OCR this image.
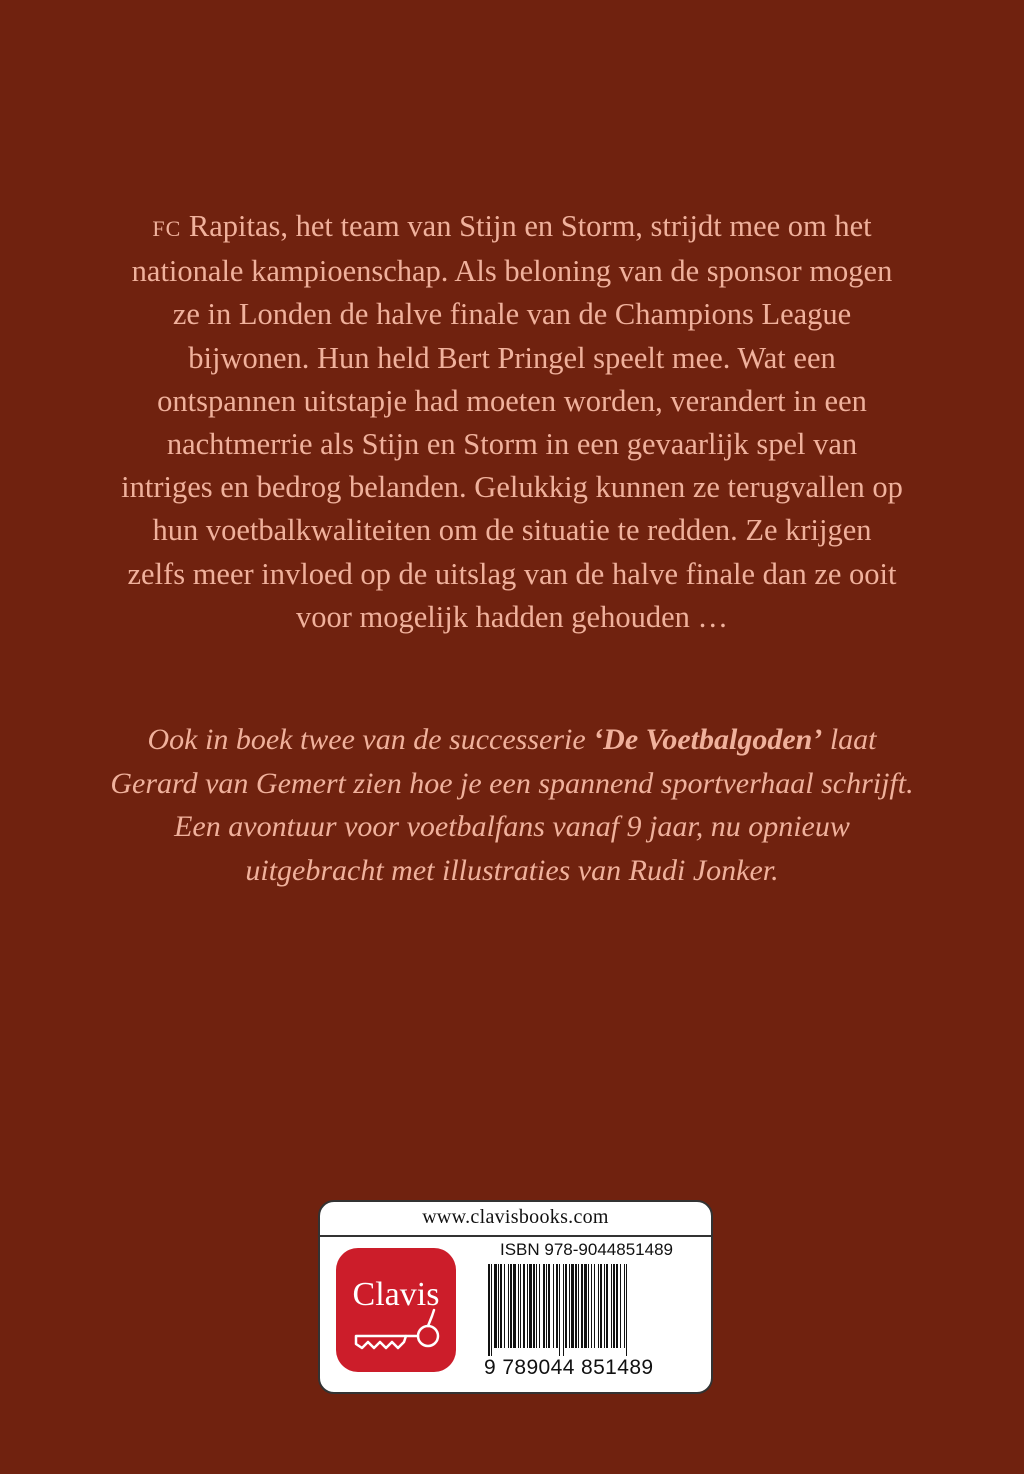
FC Rapitas, het team van Stijn en Storm, strijdt mee om het nationale kampioenschap. Als beloning van de sponsor mogen ze in Londen de halve finale van de Champions League bijwonen. Hun held Bert Pringel speelt mee. Wat een ontspannen uitstapje had moeten worden, verandert in een nachtmerrie als Stijn en Storm in een gevaarlijk spel van intriges en bedrog belanden. Gelukkig kunnen ze terugvallen op hun voetbalkwaliteiten om de situatie te redden. Ze krijgen zelfs meer invloed op de uitslag van de halve finale dan ze ooit voor mogelijk hadden gehouden …

Ook in boek twee van de successerie ‘De Voetbalgoden’ laat Gerard van Gemert zien hoe je een spannend sportverhaal schrijft. Een avontuur voor voetbalfans vanaf 9 jaar, nu opnieuw uitgebracht met illustraties van Rudi Jonker.

www.clavisbooks.com
Clavis
ISBN 978-9044851489
9 789044 851489
